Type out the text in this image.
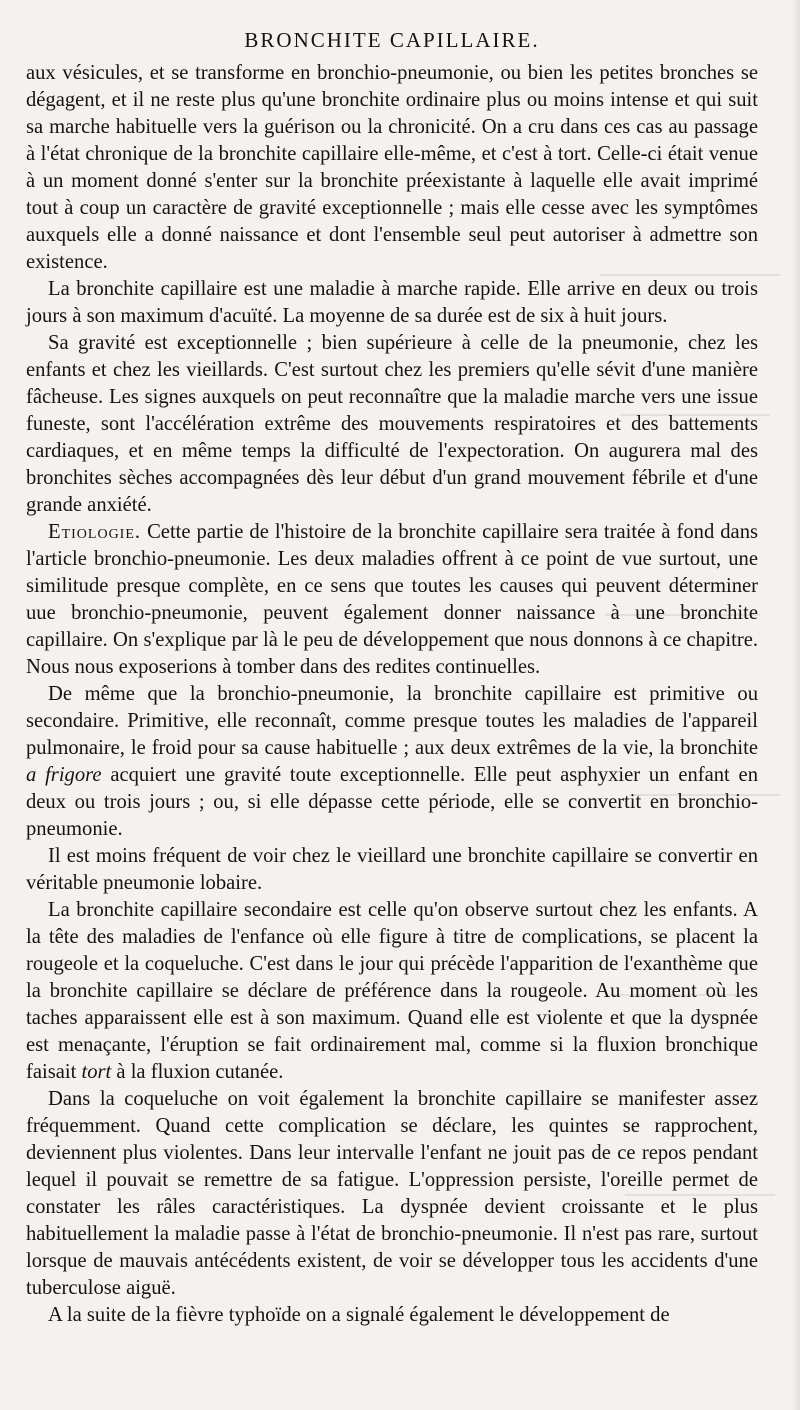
BRONCHITE CAPILLAIRE.

aux vésicules, et se transforme en bronchio-pneumonie, ou bien les petites bronches se dégagent, et il ne reste plus qu'une bronchite ordinaire plus ou moins intense et qui suit sa marche habituelle vers la guérison ou la chronicité. On a cru dans ces cas au passage à l'état chronique de la bronchite capillaire elle-même, et c'est à tort. Celle-ci était venue à un moment donné s'enter sur la bronchite préexistante à laquelle elle avait imprimé tout à coup un caractère de gravité exceptionnelle ; mais elle cesse avec les symptômes auxquels elle a donné naissance et dont l'ensemble seul peut autoriser à admettre son existence.

La bronchite capillaire est une maladie à marche rapide. Elle arrive en deux ou trois jours à son maximum d'acuïté. La moyenne de sa durée est de six à huit jours.

Sa gravité est exceptionnelle ; bien supérieure à celle de la pneumonie, chez les enfants et chez les vieillards. C'est surtout chez les premiers qu'elle sévit d'une manière fâcheuse. Les signes auxquels on peut reconnaître que la maladie marche vers une issue funeste, sont l'accélération extrême des mouvements respiratoires et des battements cardiaques, et en même temps la difficulté de l'expectoration. On augurera mal des bronchites sèches accompagnées dès leur début d'un grand mouvement fébrile et d'une grande anxiété.

Etiologie. Cette partie de l'histoire de la bronchite capillaire sera traitée à fond dans l'article bronchio-pneumonie. Les deux maladies offrent à ce point de vue surtout, une similitude presque complète, en ce sens que toutes les causes qui peuvent déterminer uue bronchio-pneumonie, peuvent également donner naissance à une bronchite capillaire. On s'explique par là le peu de développement que nous donnons à ce chapitre. Nous nous exposerions à tomber dans des redites continuelles.

De même que la bronchio-pneumonie, la bronchite capillaire est primitive ou secondaire. Primitive, elle reconnaît, comme presque toutes les maladies de l'appareil pulmonaire, le froid pour sa cause habituelle ; aux deux extrêmes de la vie, la bronchite a frigore acquiert une gravité toute exceptionnelle. Elle peut asphyxier un enfant en deux ou trois jours ; ou, si elle dépasse cette période, elle se convertit en bronchio-pneumonie.

Il est moins fréquent de voir chez le vieillard une bronchite capillaire se convertir en véritable pneumonie lobaire.

La bronchite capillaire secondaire est celle qu'on observe surtout chez les enfants. A la tête des maladies de l'enfance où elle figure à titre de complications, se placent la rougeole et la coqueluche. C'est dans le jour qui précède l'apparition de l'exanthème que la bronchite capillaire se déclare de préférence dans la rougeole. Au moment où les taches apparaissent elle est à son maximum. Quand elle est violente et que la dyspnée est menaçante, l'éruption se fait ordinairement mal, comme si la fluxion bronchique faisait tort à la fluxion cutanée.

Dans la coqueluche on voit également la bronchite capillaire se manifester assez fréquemment. Quand cette complication se déclare, les quintes se rapprochent, deviennent plus violentes. Dans leur intervalle l'enfant ne jouit pas de ce repos pendant lequel il pouvait se remettre de sa fatigue. L'oppression persiste, l'oreille permet de constater les râles caractéristiques. La dyspnée devient croissante et le plus habituellement la maladie passe à l'état de bronchio-pneumonie. Il n'est pas rare, surtout lorsque de mauvais antécédents existent, de voir se développer tous les accidents d'une tuberculose aiguë.

A la suite de la fièvre typhoïde on a signalé également le développement de
